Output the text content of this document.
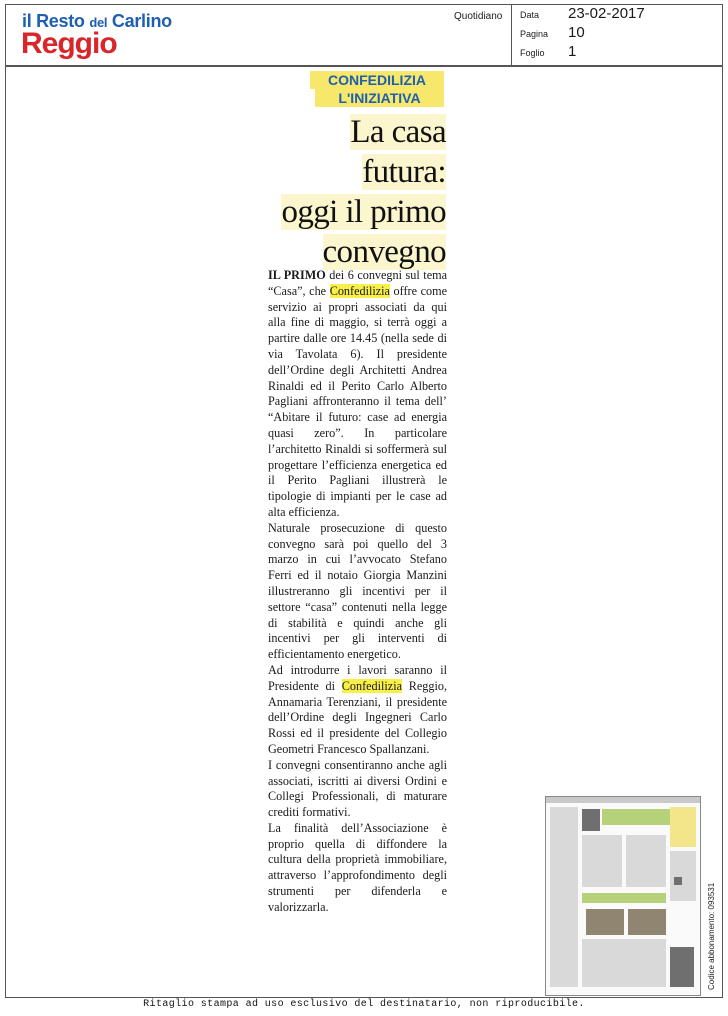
il Resto del Carlino
Reggio
Quotidiano Data 23-02-2017
Pagina 10
Foglio 1
CONFEDILIZIA
L'INIZIATIVA
La casa
futura:
oggi il primo
convegno

IL PRIMO dei 6 convegni sul tema “Casa”, che Confedilizia offre come servizio ai propri associati da qui alla fine di maggio, si terrà oggi a partire dalle ore 14.45 (nella sede di via Tavolata 6). Il presidente dell’Ordine degli Architetti Andrea Rinaldi ed il Perito Carlo Alberto Pagliani affronteranno il tema dell’ “Abitare il futuro: case ad energia quasi zero”. In particolare l’architetto Rinaldi si soffermerà sul progettare l’efficienza energetica ed il Perito Pagliani illustrerà le tipologie di impianti per le case ad alta efficienza.

Naturale prosecuzione di questo convegno sarà poi quello del 3 marzo in cui l’avvocato Stefano Ferri ed il notaio Giorgia Manzini illustreranno gli incentivi per il settore “casa” contenuti nella legge di stabilità e quindi anche gli incentivi per gli interventi di efficientamento energetico.

Ad introdurre i lavori saranno il Presidente di Confedilizia Reggio, Annamaria Terenziani, il presidente dell’Ordine degli Ingegneri Carlo Rossi ed il presidente del Collegio Geometri Francesco Spallanzani.

I convegni consentiranno anche agli associati, iscritti ai diversi Ordini e Collegi Professionali, di maturare crediti formativi.

La finalità dell’Associazione è proprio quella di diffondere la cultura della proprietà immobiliare, attraverso l’approfondimento degli strumenti per difenderla e valorizzarla.	Codice abbonamento: 093531
Ritaglio stampa ad uso esclusivo del destinatario, non riproducibile.
